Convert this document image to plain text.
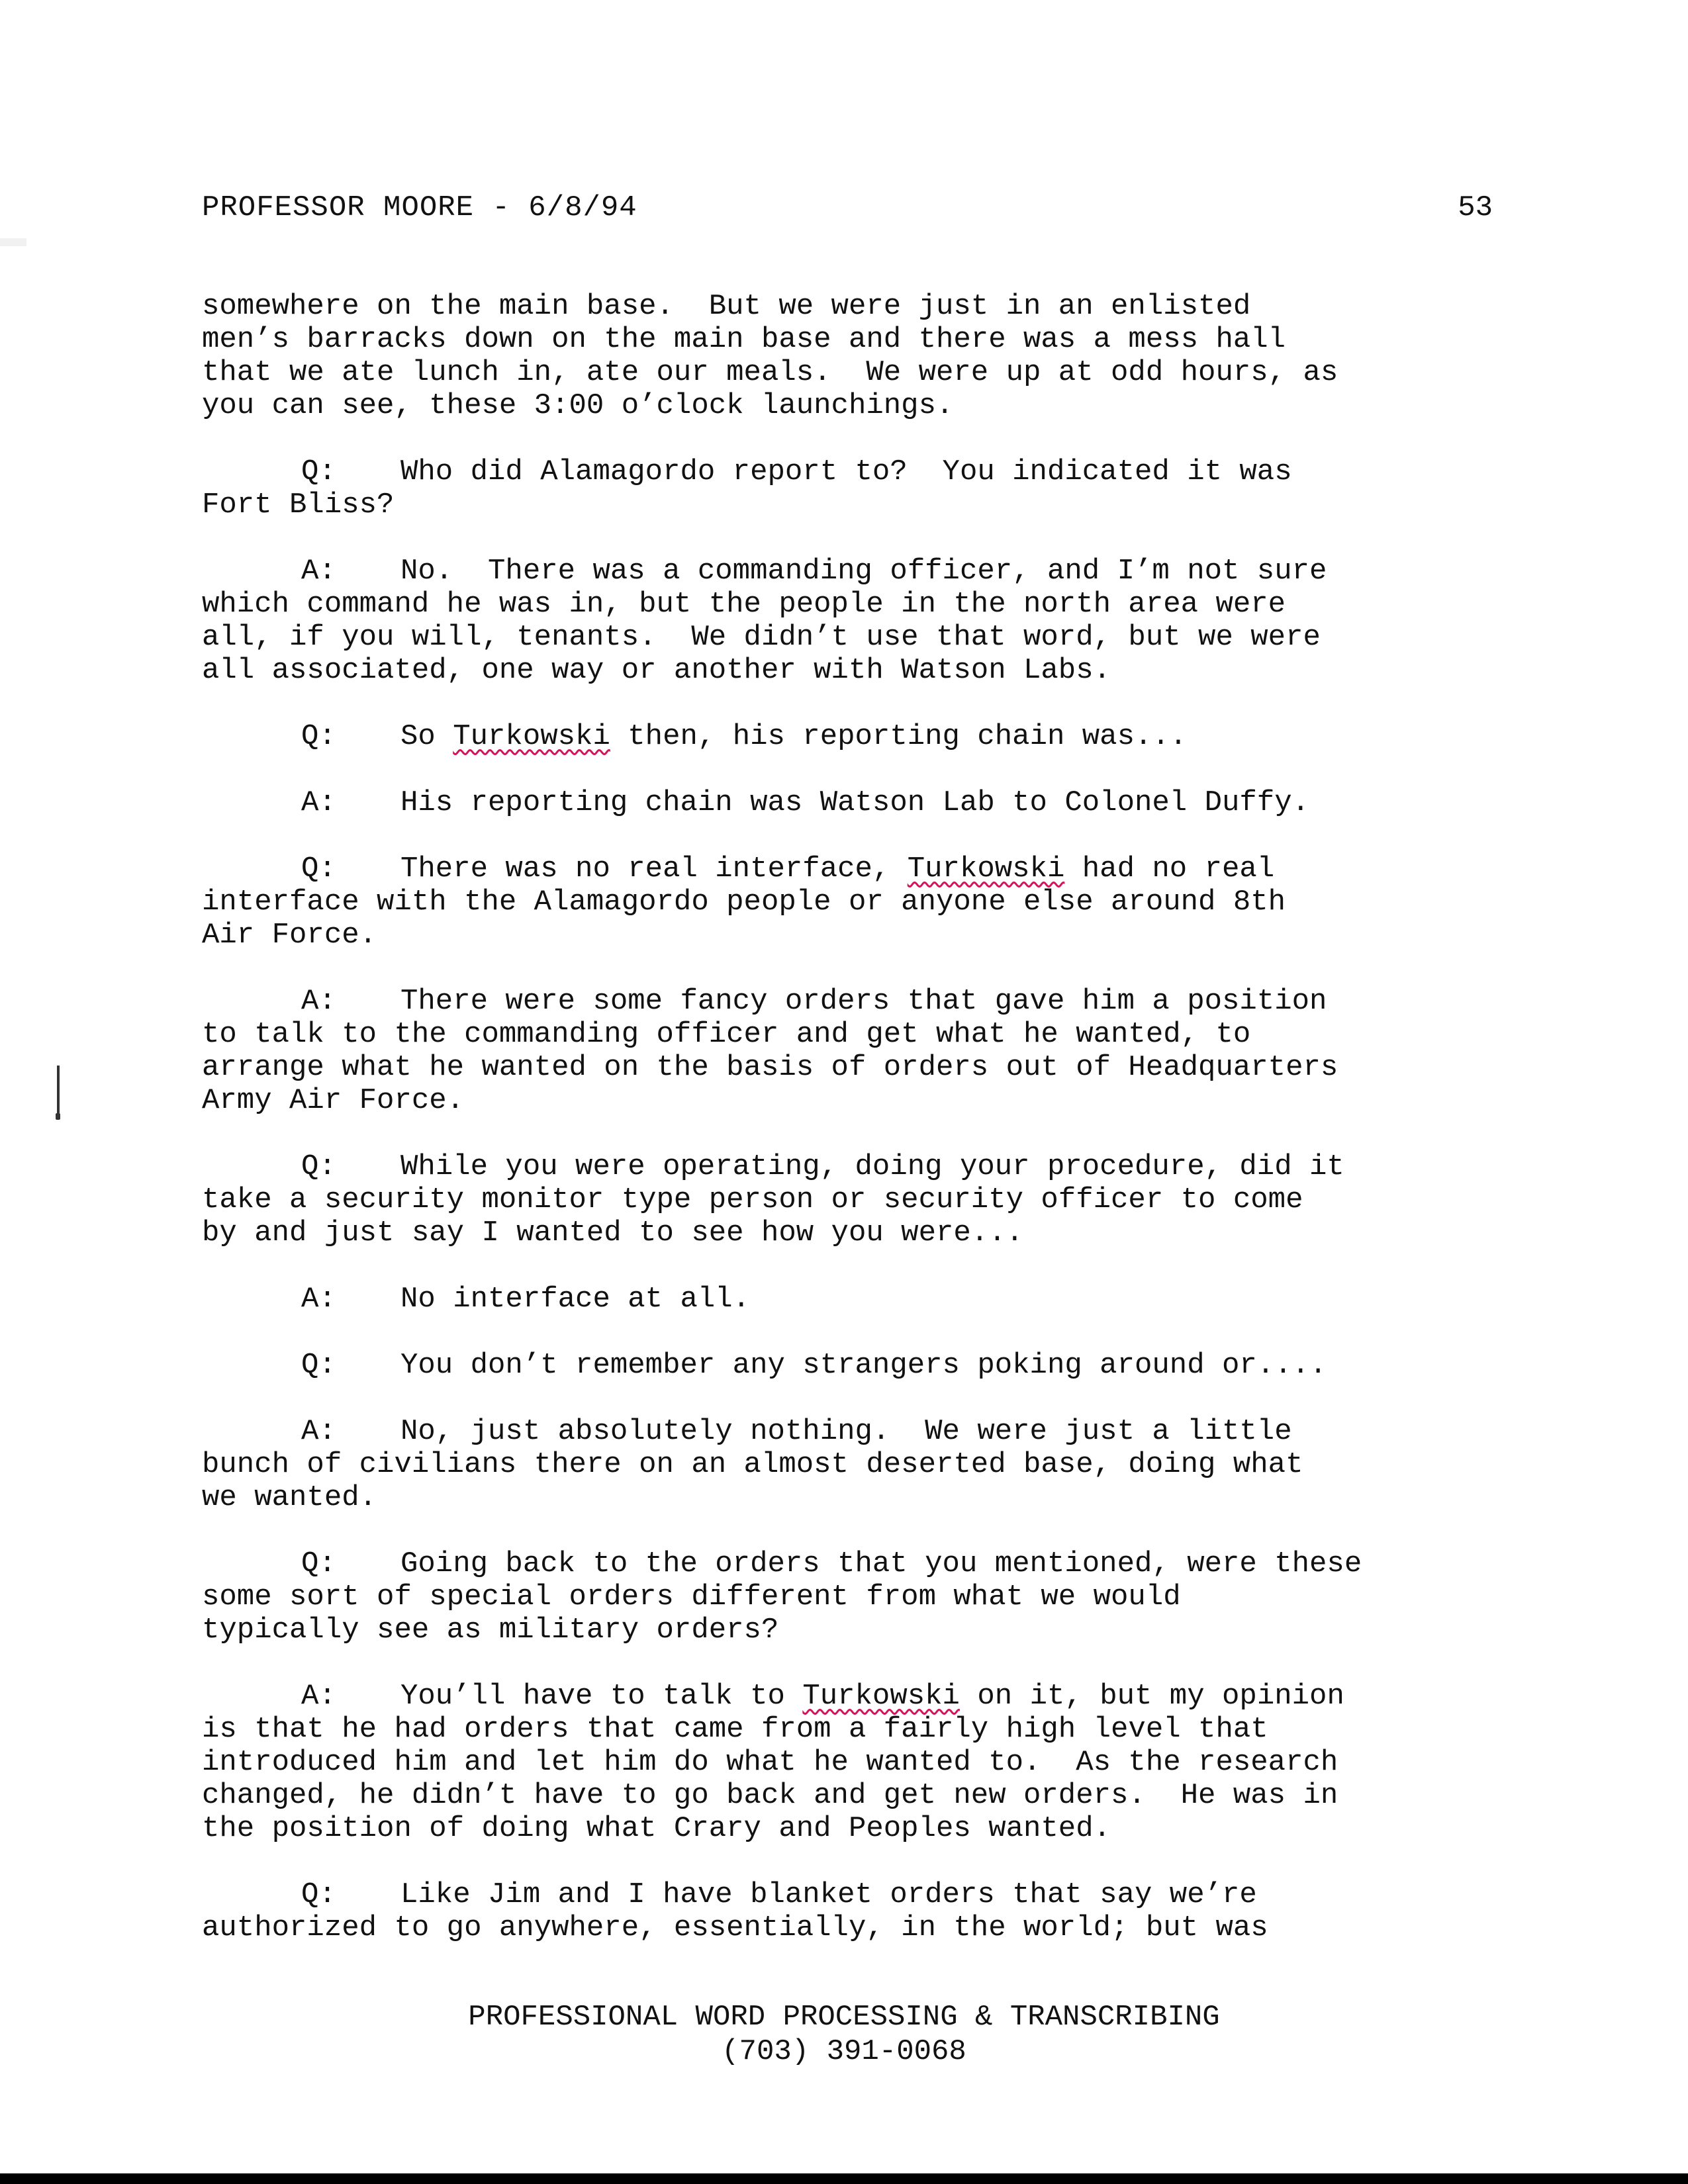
PROFESSOR MOORE - 6/8/94	53
somewhere on the main base.  But we were just in an enlisted
men’s barracks down on the main base and there was a mess hall
that we ate lunch in, ate our meals.  We were up at odd hours, as
you can see, these 3:00 o’clock launchings.
Q: Who did Alamagordo report to?  You indicated it was
Fort Bliss?
A: No.  There was a commanding officer, and I’m not sure
which command he was in, but the people in the north area were
all, if you will, tenants.  We didn’t use that word, but we were
all associated, one way or another with Watson Labs.
Q: So Turkowski then, his reporting chain was...
A: His reporting chain was Watson Lab to Colonel Duffy.
Q: There was no real interface, Turkowski had no real
interface with the Alamagordo people or anyone else around 8th
Air Force.
A: There were some fancy orders that gave him a position
to talk to the commanding officer and get what he wanted, to
arrange what he wanted on the basis of orders out of Headquarters
Army Air Force.
Q: While you were operating, doing your procedure, did it
take a security monitor type person or security officer to come
by and just say I wanted to see how you were...
A: No interface at all.
Q: You don’t remember any strangers poking around or....
A: No, just absolutely nothing.  We were just a little
bunch of civilians there on an almost deserted base, doing what
we wanted.
Q: Going back to the orders that you mentioned, were these
some sort of special orders different from what we would
typically see as military orders?
A: You’ll have to talk to Turkowski on it, but my opinion
is that he had orders that came from a fairly high level that
introduced him and let him do what he wanted to.  As the research
changed, he didn’t have to go back and get new orders.  He was in
the position of doing what Crary and Peoples wanted.
Q: Like Jim and I have blanket orders that say we’re
authorized to go anywhere, essentially, in the world; but was
PROFESSIONAL WORD PROCESSING & TRANSCRIBING
(703) 391-0068
